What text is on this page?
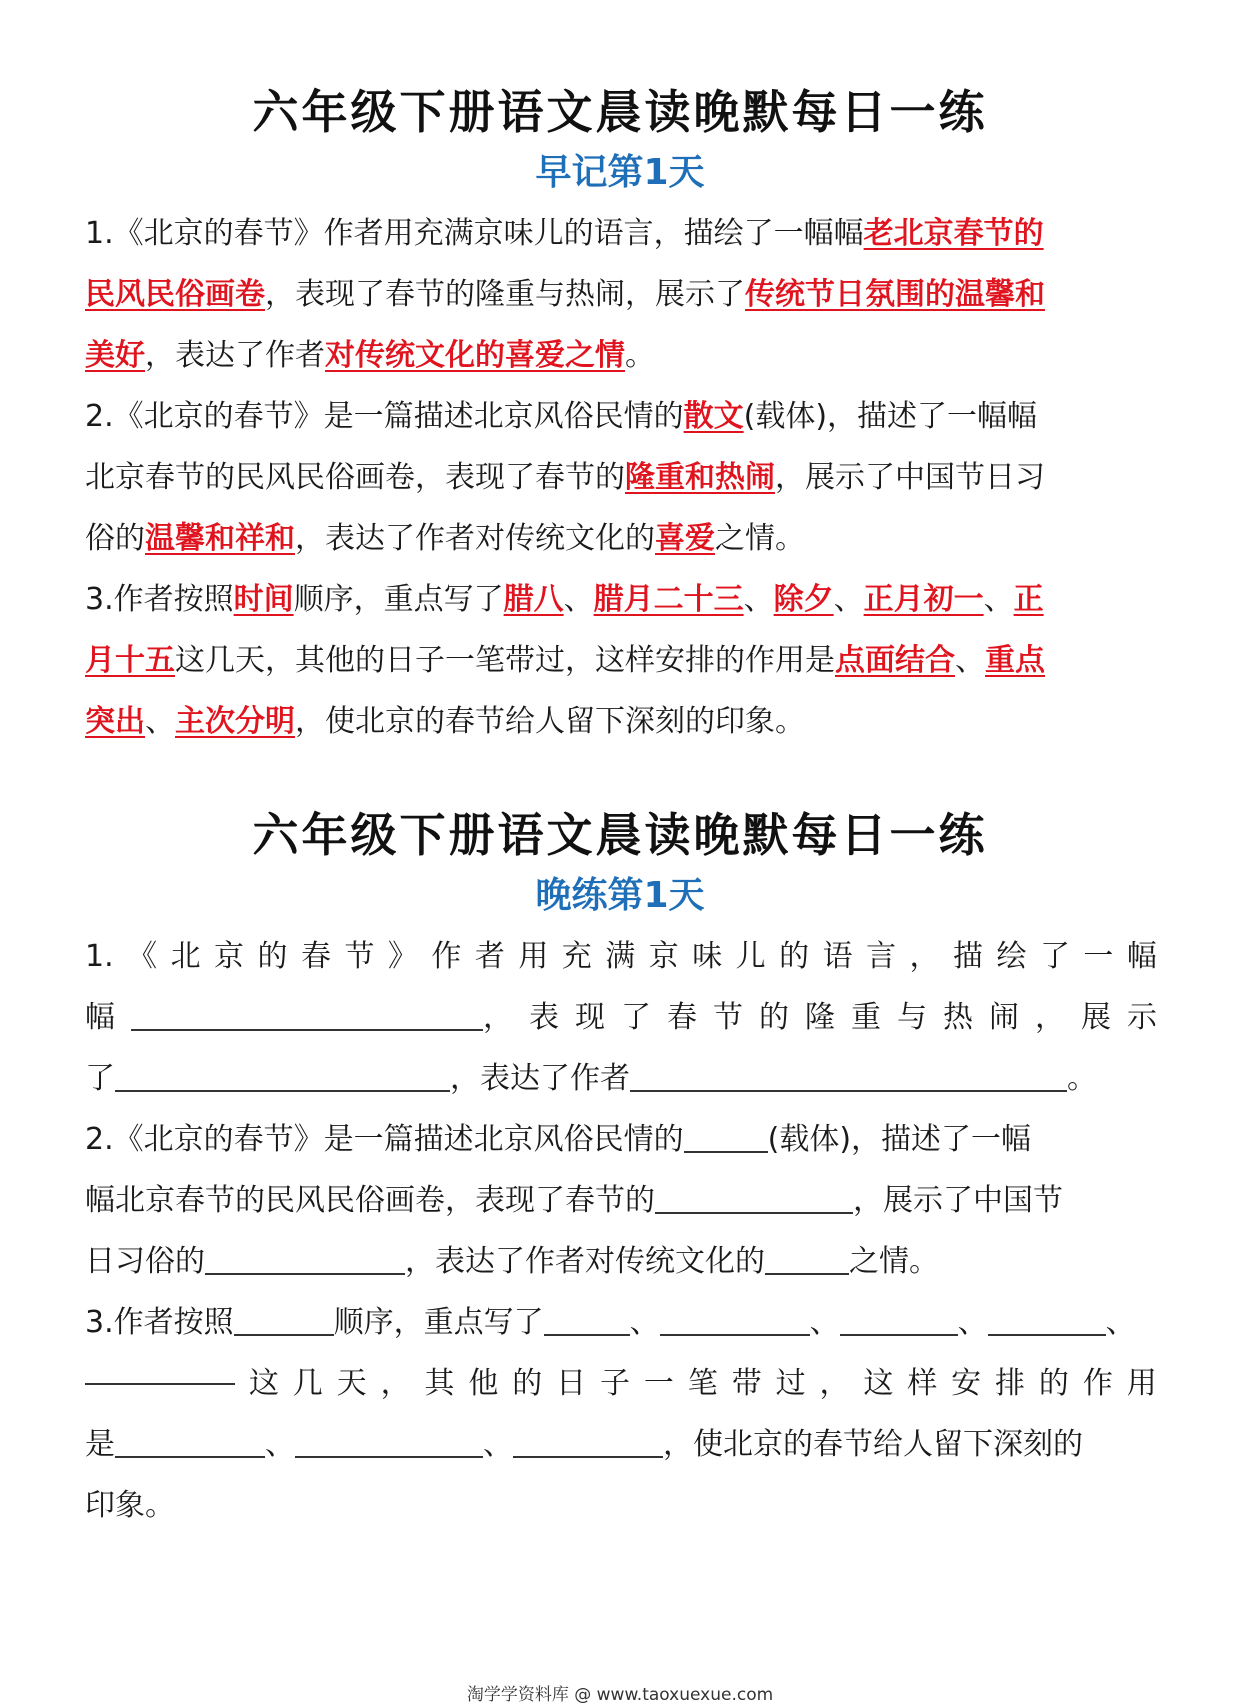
六年级下册语文晨读晚默每日一练
早记第1天
1.《北京的春节》作者用充满京味儿的语言，描绘了一幅幅老北京春节的
民风民俗画卷，表现了春节的隆重与热闹，展示了传统节日氛围的温馨和
美好，表达了作者对传统文化的喜爱之情。
2.《北京的春节》是一篇描述北京风俗民情的散文(载体)，描述了一幅幅
北京春节的民风民俗画卷，表现了春节的隆重和热闹，展示了中国节日习
俗的温馨和祥和，表达了作者对传统文化的喜爱之情。
3.作者按照时间顺序，重点写了腊八、腊月二十三、除夕、正月初一、正
月十五这几天，其他的日子一笔带过，这样安排的作用是点面结合、重点
突出、主次分明，使北京的春节给人留下深刻的印象。
六年级下册语文晨读晚默每日一练
晚练第1天
1. 《 北 京 的 春 节 》 作 者 用 充 满 京 味 儿 的 语 言 ， 描 绘 了 一 幅
幅	， 表 现 了 春 节 的 隆 重 与 热 闹 ， 展 示
了	，表达了作者	。
2.《北京的春节》是一篇描述北京风俗民情的	(载体)，描述了一幅
幅北京春节的民风民俗画卷，表现了春节的	，展示了中国节
日习俗的	，表达了作者对传统文化的	之情。
3.作者按照	顺序，重点写了	、	、	、	、
这 几 天 ， 其 他 的 日 子 一 笔 带 过 ， 这 样 安 排 的 作 用
是	、	、	，使北京的春节给人留下深刻的
印象。
淘学学资料库 @ www.taoxuexue.com
